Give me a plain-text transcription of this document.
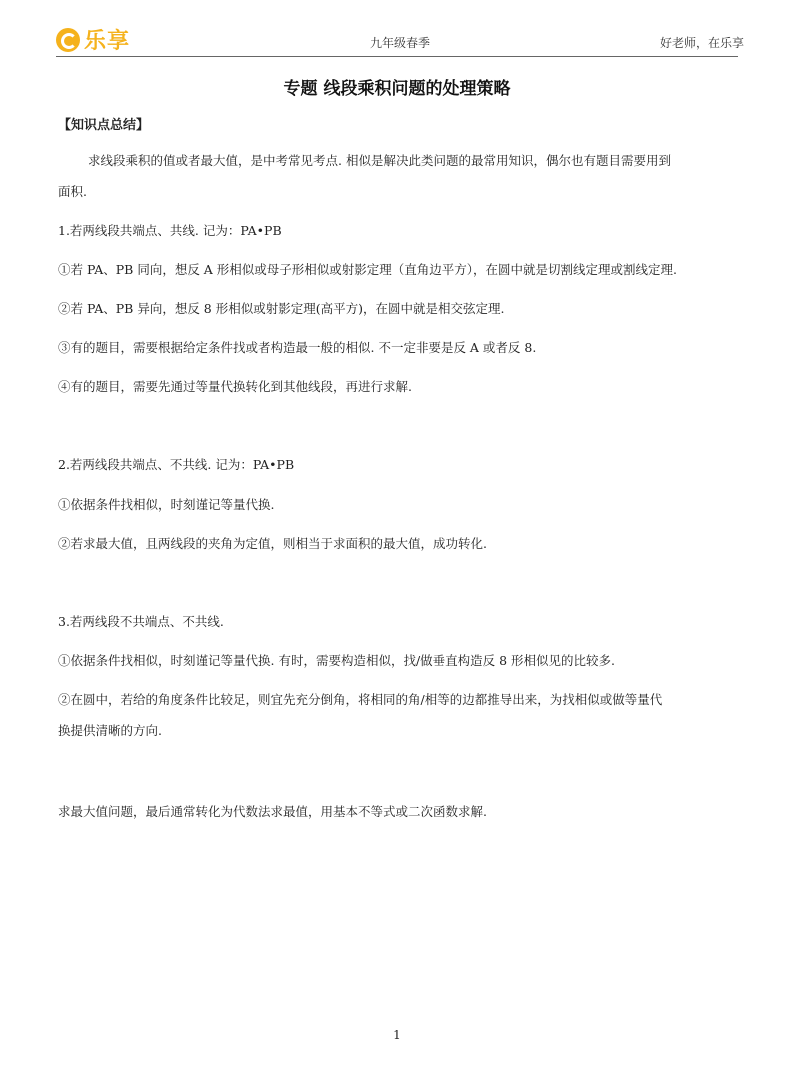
乐享	九年级春季	好老师，在乐享
专题 线段乘积问题的处理策略
【知识点总结】
求线段乘积的值或者最大值，是中考常见考点. 相似是解决此类问题的最常用知识，偶尔也有题目需要用到
面积.
1.若两线段共端点、共线. 记为：PA•PB
①若 PA、PB 同向，想反 A 形相似或母子形相似或射影定理（直角边平方），在圆中就是切割线定理或割线定理.
②若 PA、PB 异向，想反 8 形相似或射影定理(高平方)，在圆中就是相交弦定理.
③有的题目，需要根据给定条件找或者构造最一般的相似. 不一定非要是反 A 或者反 8.
④有的题目，需要先通过等量代换转化到其他线段，再进行求解.
2.若两线段共端点、不共线. 记为：PA•PB
①依据条件找相似，时刻谨记等量代换.
②若求最大值，且两线段的夹角为定值，则相当于求面积的最大值，成功转化.
3.若两线段不共端点、不共线.
①依据条件找相似，时刻谨记等量代换. 有时，需要构造相似，找/做垂直构造反 8 形相似见的比较多.
②在圆中，若给的角度条件比较足，则宜先充分倒角，将相同的角/相等的边都推导出来，为找相似或做等量代
换提供清晰的方向.
求最大值问题，最后通常转化为代数法求最值，用基本不等式或二次函数求解.
1
